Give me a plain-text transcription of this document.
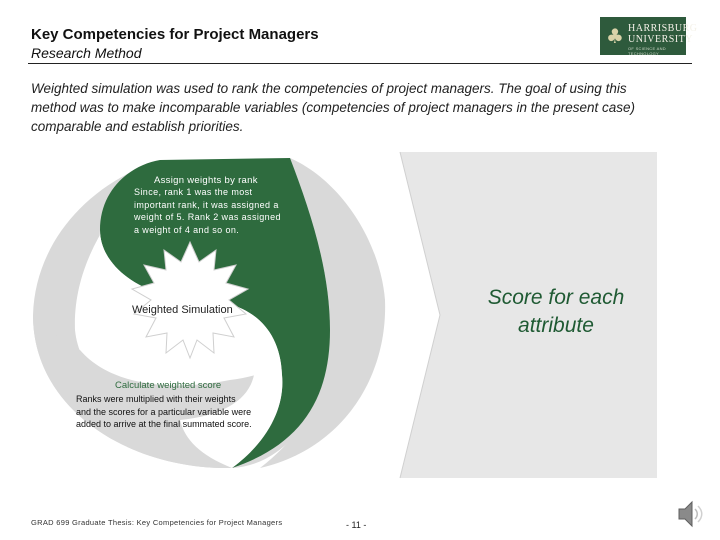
Key Competencies for Project Managers
Research Method
♣ HARRISBURG
UNIVERSITY
OF SCIENCE AND TECHNOLOGY
Weighted simulation was used to rank the competencies of project managers. The goal of using this
method was to make incomparable variables (competencies of project managers in the present case)
comparable and establish priorities.
Assign weights by rank
Since, rank 1 was the most
important rank, it was assigned a
weight of 5. Rank 2 was assigned
a weight of 4 and so on.
Weighted Simulation
Calculate weighted score
Ranks were multiplied with their weights
and the scores for a particular variable were
added to arrive at the final summated score.
Score for each
attribute
GRAD 699 Graduate Thesis: Key Competencies for Project Managers	- 11 -
